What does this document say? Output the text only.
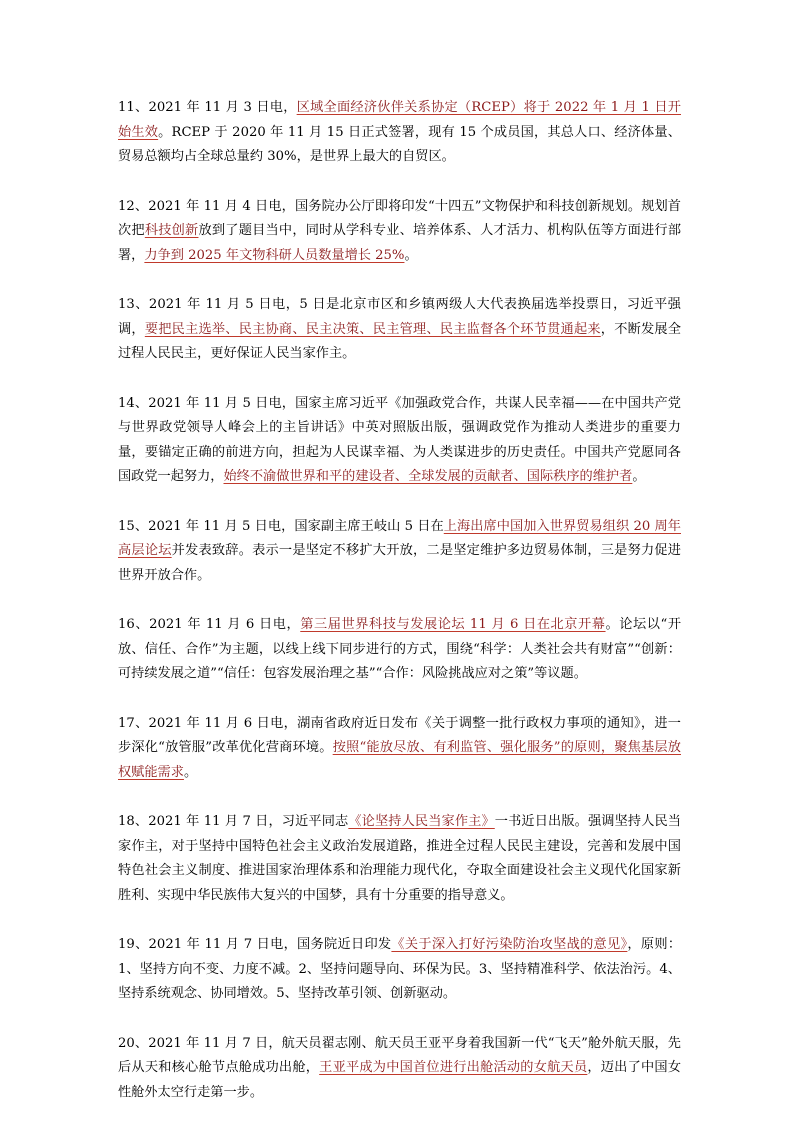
11、2021 年 11 月 3 日电，区域全面经济伙伴关系协定（RCEP）将于 2022 年 1 月 1 日开始生效。RCEP 于 2020 年 11 月 15 日正式签署，现有 15 个成员国，其总人口、经济体量、贸易总额均占全球总量约 30%，是世界上最大的自贸区。

12、2021 年 11 月 4 日电，国务院办公厅即将印发“十四五”文物保护和科技创新规划。规划首次把科技创新放到了题目当中，同时从学科专业、培养体系、人才活力、机构队伍等方面进行部署，力争到 2025 年文物科研人员数量增长 25%。

13、2021 年 11 月 5 日电，5 日是北京市区和乡镇两级人大代表换届选举投票日，习近平强调，要把民主选举、民主协商、民主决策、民主管理、民主监督各个环节贯通起来，不断发展全过程人民民主，更好保证人民当家作主。

14、2021 年 11 月 5 日电，国家主席习近平《加强政党合作，共谋人民幸福——在中国共产党与世界政党领导人峰会上的主旨讲话》中英对照版出版，强调政党作为推动人类进步的重要力量，要锚定正确的前进方向，担起为人民谋幸福、为人类谋进步的历史责任。中国共产党愿同各国政党一起努力，始终不渝做世界和平的建设者、全球发展的贡献者、国际秩序的维护者。

15、2021 年 11 月 5 日电，国家副主席王岐山 5 日在上海出席中国加入世界贸易组织 20 周年高层论坛并发表致辞。表示一是坚定不移扩大开放，二是坚定维护多边贸易体制，三是努力促进世界开放合作。

16、2021 年 11 月 6 日电，第三届世界科技与发展论坛 11 月 6 日在北京开幕。论坛以“开放、信任、合作”为主题，以线上线下同步进行的方式，围绕“科学：人类社会共有财富”“创新：可持续发展之道”“信任：包容发展治理之基”“合作：风险挑战应对之策”等议题。

17、2021 年 11 月 6 日电，湖南省政府近日发布《关于调整一批行政权力事项的通知》，进一步深化“放管服”改革优化营商环境。按照“能放尽放、有利监管、强化服务”的原则，聚焦基层放权赋能需求。

18、2021 年 11 月 7 日，习近平同志《论坚持人民当家作主》一书近日出版。强调坚持人民当家作主，对于坚持中国特色社会主义政治发展道路，推进全过程人民民主建设，完善和发展中国特色社会主义制度、推进国家治理体系和治理能力现代化，夺取全面建设社会主义现代化国家新胜利、实现中华民族伟大复兴的中国梦，具有十分重要的指导意义。

19、2021 年 11 月 7 日电，国务院近日印发《关于深入打好污染防治攻坚战的意见》，原则：1、坚持方向不变、力度不减。2、坚持问题导向、环保为民。3、坚持精准科学、依法治污。4、坚持系统观念、协同增效。5、坚持改革引领、创新驱动。

20、2021 年 11 月 7 日，航天员翟志刚、航天员王亚平身着我国新一代“飞天”舱外航天服，先后从天和核心舱节点舱成功出舱，王亚平成为中国首位进行出舱活动的女航天员，迈出了中国女性舱外太空行走第一步。
